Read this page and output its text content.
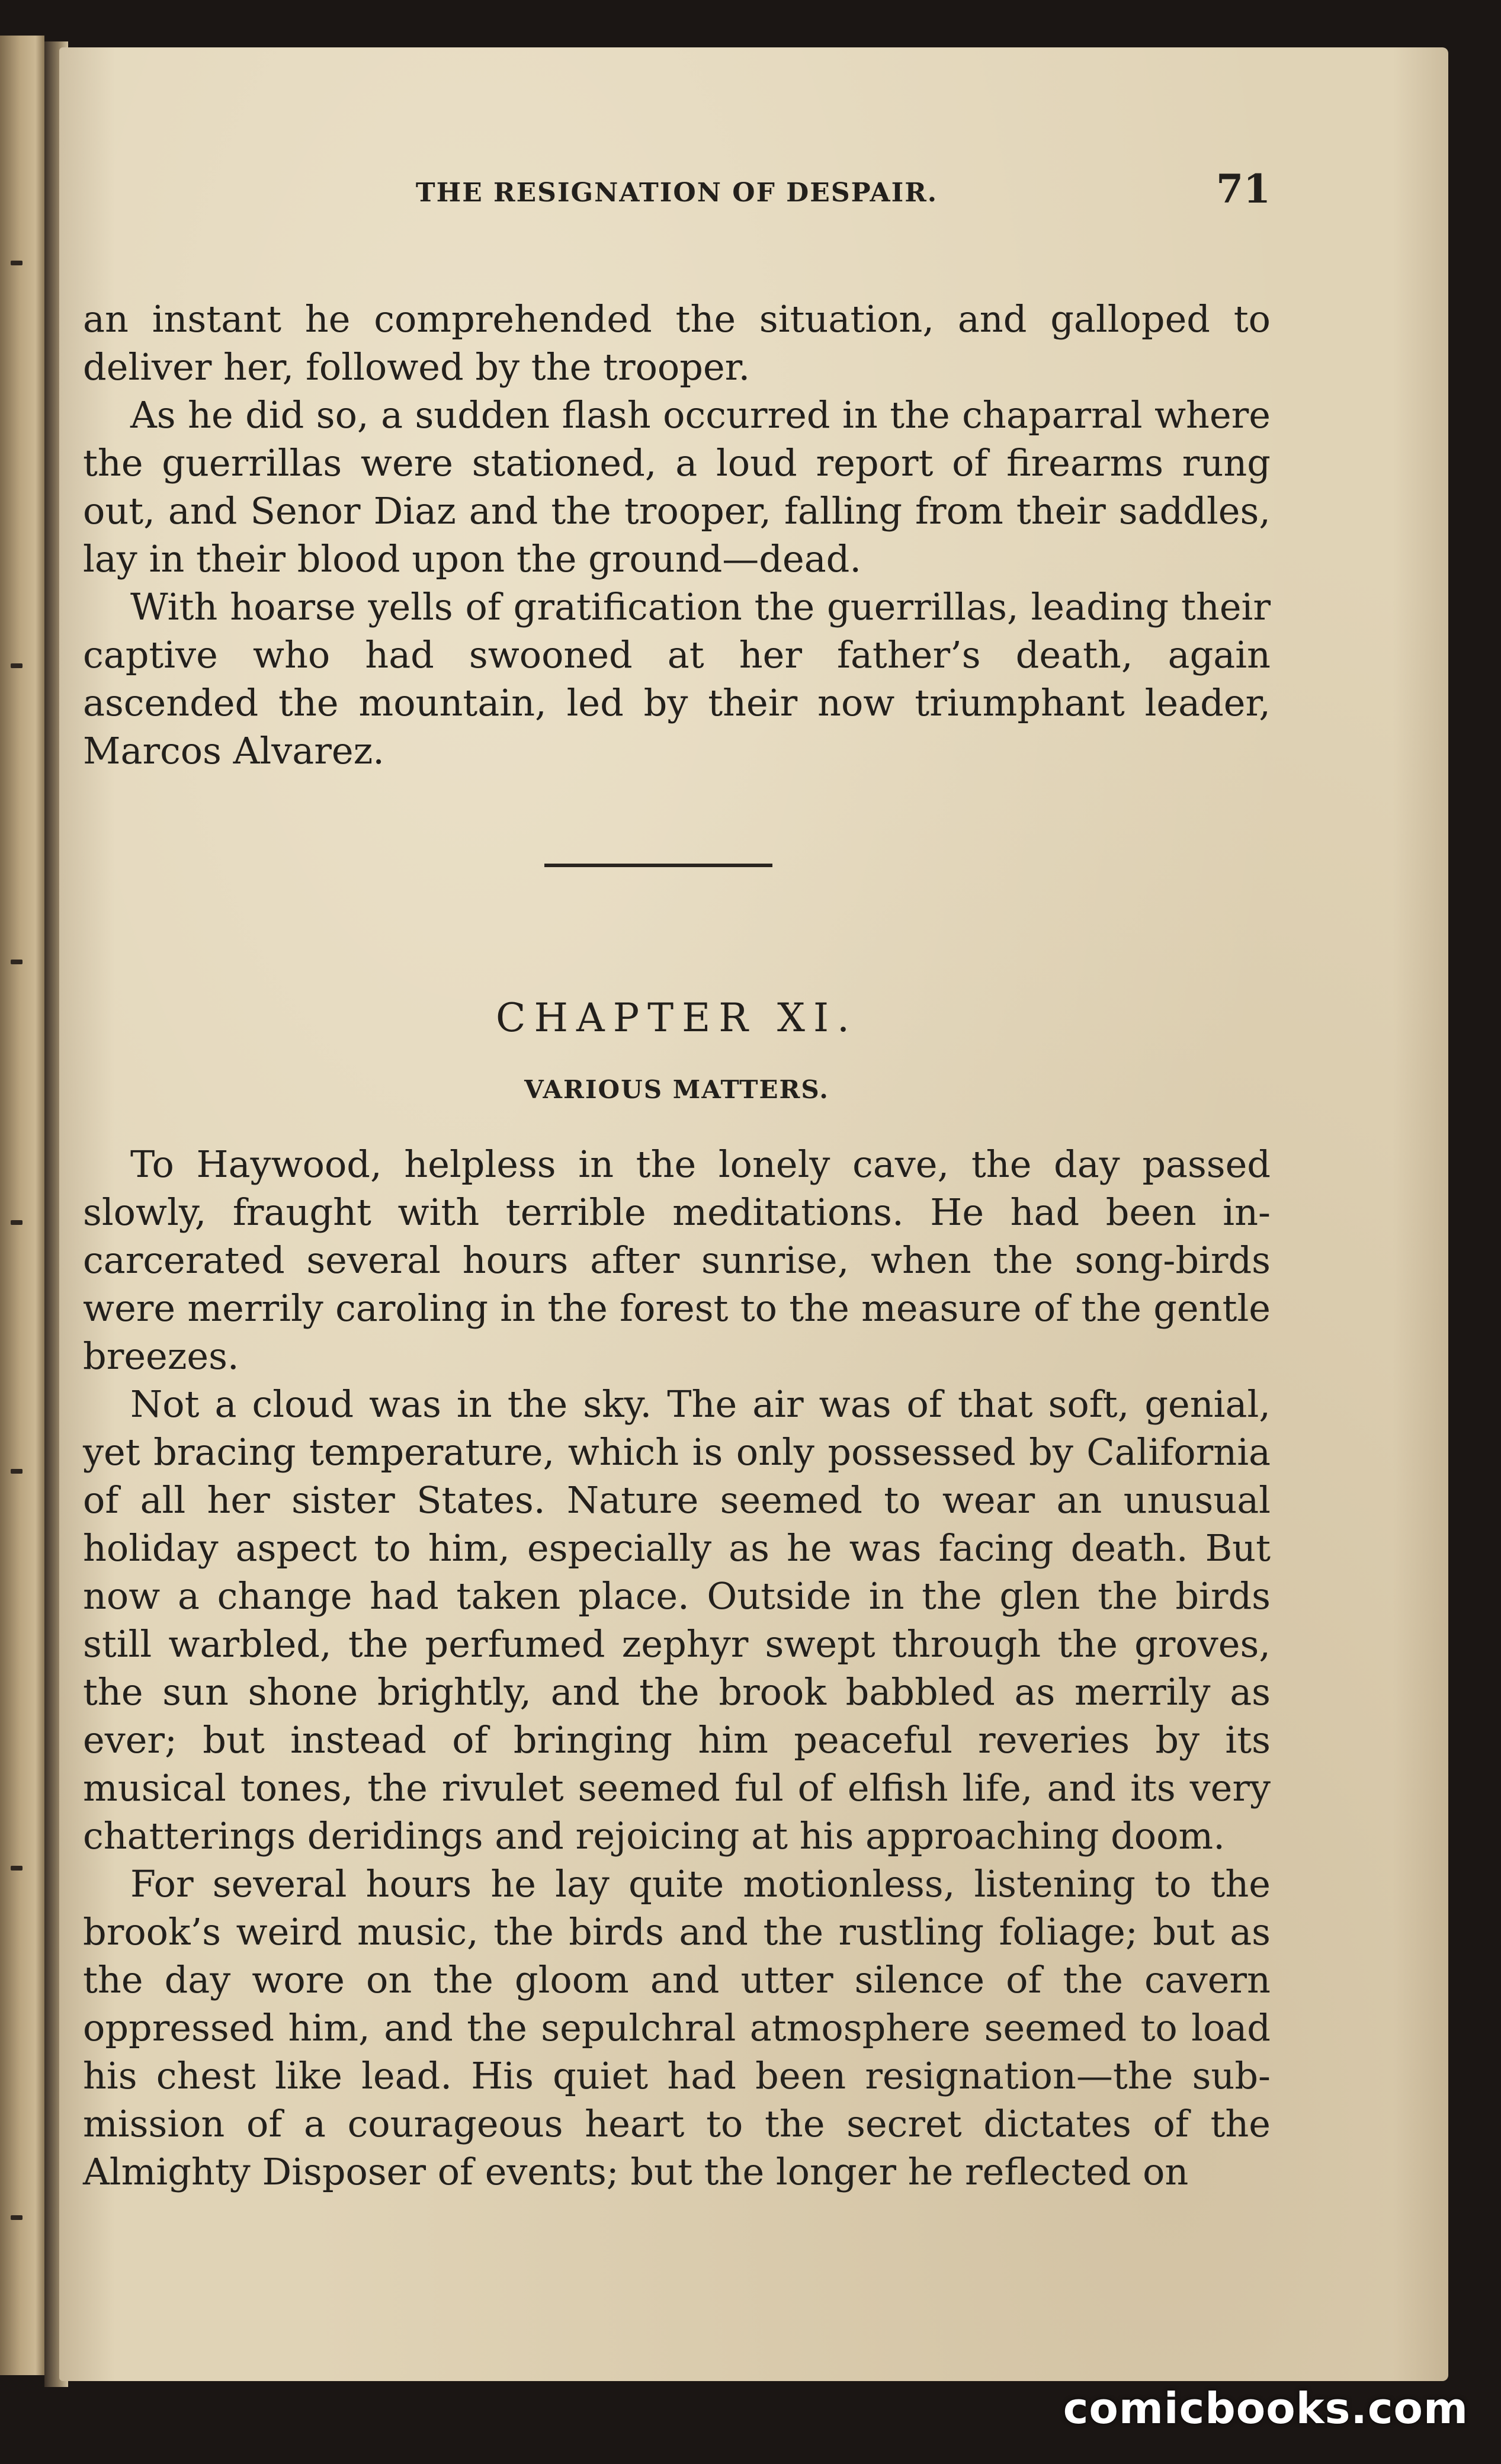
THE RESIGNATION OF DESPAIR.	71

an instant he comprehended the situation, and galloped to deliver her, followed by the trooper.

As he did so, a sudden flash occurred in the chaparral where the guerrillas were stationed, a loud report of firearms rung out, and Senor Diaz and the trooper, falling from their saddles, lay in their blood upon the ground—dead.

With hoarse yells of gratification the guerrillas, leading their captive who had swooned at her father’s death, again ascended the mountain, led by their now triumphant leader, Marcos Alvarez.

CHAPTER XI.
VARIOUS MATTERS.

To Haywood, helpless in the lonely cave, the day passed slowly, fraught with terrible meditations. He had been incarcerated several hours after sunrise, when the song-birds were merrily caroling in the forest to the measure of the gentle breezes.

Not a cloud was in the sky. The air was of that soft, genial, yet bracing temperature, which is only possessed by California of all her sister States. Nature seemed to wear an unusual holiday aspect to him, especially as he was facing death. But now a change had taken place. Outside in the glen the birds still warbled, the perfumed zephyr swept through the groves, the sun shone brightly, and the brook babbled as merrily as ever; but instead of bringing him peaceful reveries by its musical tones, the rivulet seemed ful of elfish life, and its very chatterings deridings and rejoicing at his approaching doom.

For several hours he lay quite motionless, listening to the brook’s weird music, the birds and the rustling foliage; but as the day wore on the gloom and utter silence of the cavern oppressed him, and the sepulchral atmosphere seemed to load his chest like lead. His quiet had been resignation—the submission of a courageous heart to the secret dictates of the Almighty Disposer of events; but the longer he reflected on

comicbooks.com
